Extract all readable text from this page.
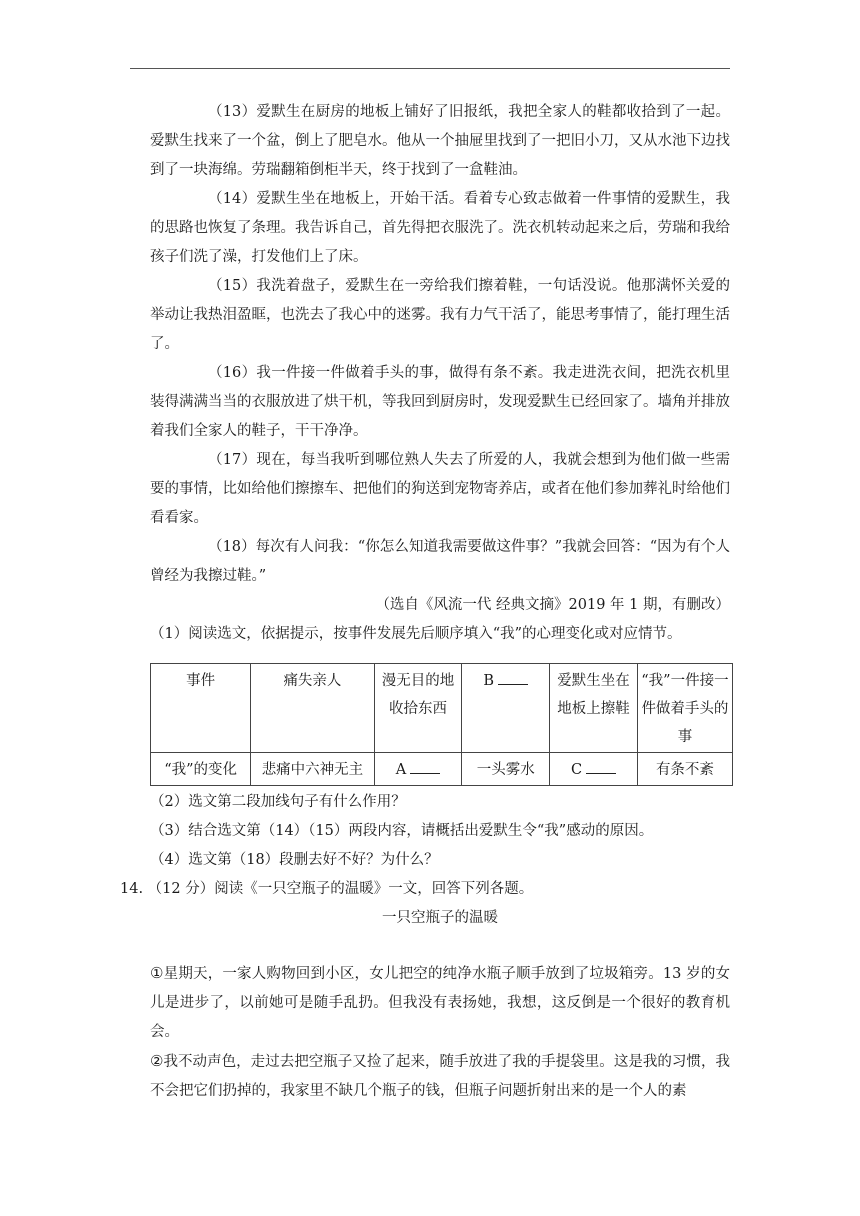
（13）爱默生在厨房的地板上铺好了旧报纸，我把全家人的鞋都收拾到了一起。爱默生找来了一个盆，倒上了肥皂水。他从一个抽屉里找到了一把旧小刀，又从水池下边找到了一块海绵。劳瑞翻箱倒柜半天，终于找到了一盒鞋油。

（14）爱默生坐在地板上，开始干活。看着专心致志做着一件事情的爱默生，我的思路也恢复了条理。我告诉自己，首先得把衣服洗了。洗衣机转动起来之后，劳瑞和我给孩子们洗了澡，打发他们上了床。

（15）我洗着盘子，爱默生在一旁给我们擦着鞋，一句话没说。他那满怀关爱的举动让我热泪盈眶，也洗去了我心中的迷雾。我有力气干活了，能思考事情了，能打理生活了。

（16）我一件接一件做着手头的事，做得有条不紊。我走进洗衣间，把洗衣机里装得满满当当的衣服放进了烘干机，等我回到厨房时，发现爱默生已经回家了。墙角并排放着我们全家人的鞋子，干干净净。

（17）现在，每当我听到哪位熟人失去了所爱的人，我就会想到为他们做一些需要的事情，比如给他们擦擦车、把他们的狗送到宠物寄养店，或者在他们参加葬礼时给他们看看家。

（18）每次有人问我：“你怎么知道我需要做这件事？”我就会回答：“因为有个人曾经为我擦过鞋。”

（选自《风流一代 经典文摘》2019 年 1 期，有删改）

（1）阅读选文，依据提示，按事件发展先后顺序填入“我”的心理变化或对应情节。

事件	痛失亲人	漫无目的地收拾东西	B	爱默生坐在地板上擦鞋	“我”一件接一件做着手头的事
“我”的变化	悲痛中六神无主	A	一头雾水	C	有条不紊

（2）选文第二段加线句子有什么作用？

（3）结合选文第（14）（15）两段内容，请概括出爱默生令“我”感动的原因。

（4）选文第（18）段删去好不好？为什么？

14. （12 分）阅读《一只空瓶子的温暖》一文，回答下列各题。

一只空瓶子的温暖

①星期天，一家人购物回到小区，女儿把空的纯净水瓶子顺手放到了垃圾箱旁。13 岁的女儿是进步了，以前她可是随手乱扔。但我没有表扬她，我想，这反倒是一个很好的教育机会。

②我不动声色，走过去把空瓶子又捡了起来，随手放进了我的手提袋里。这是我的习惯，我不会把它们扔掉的，我家里不缺几个瓶子的钱，但瓶子问题折射出来的是一个人的素
